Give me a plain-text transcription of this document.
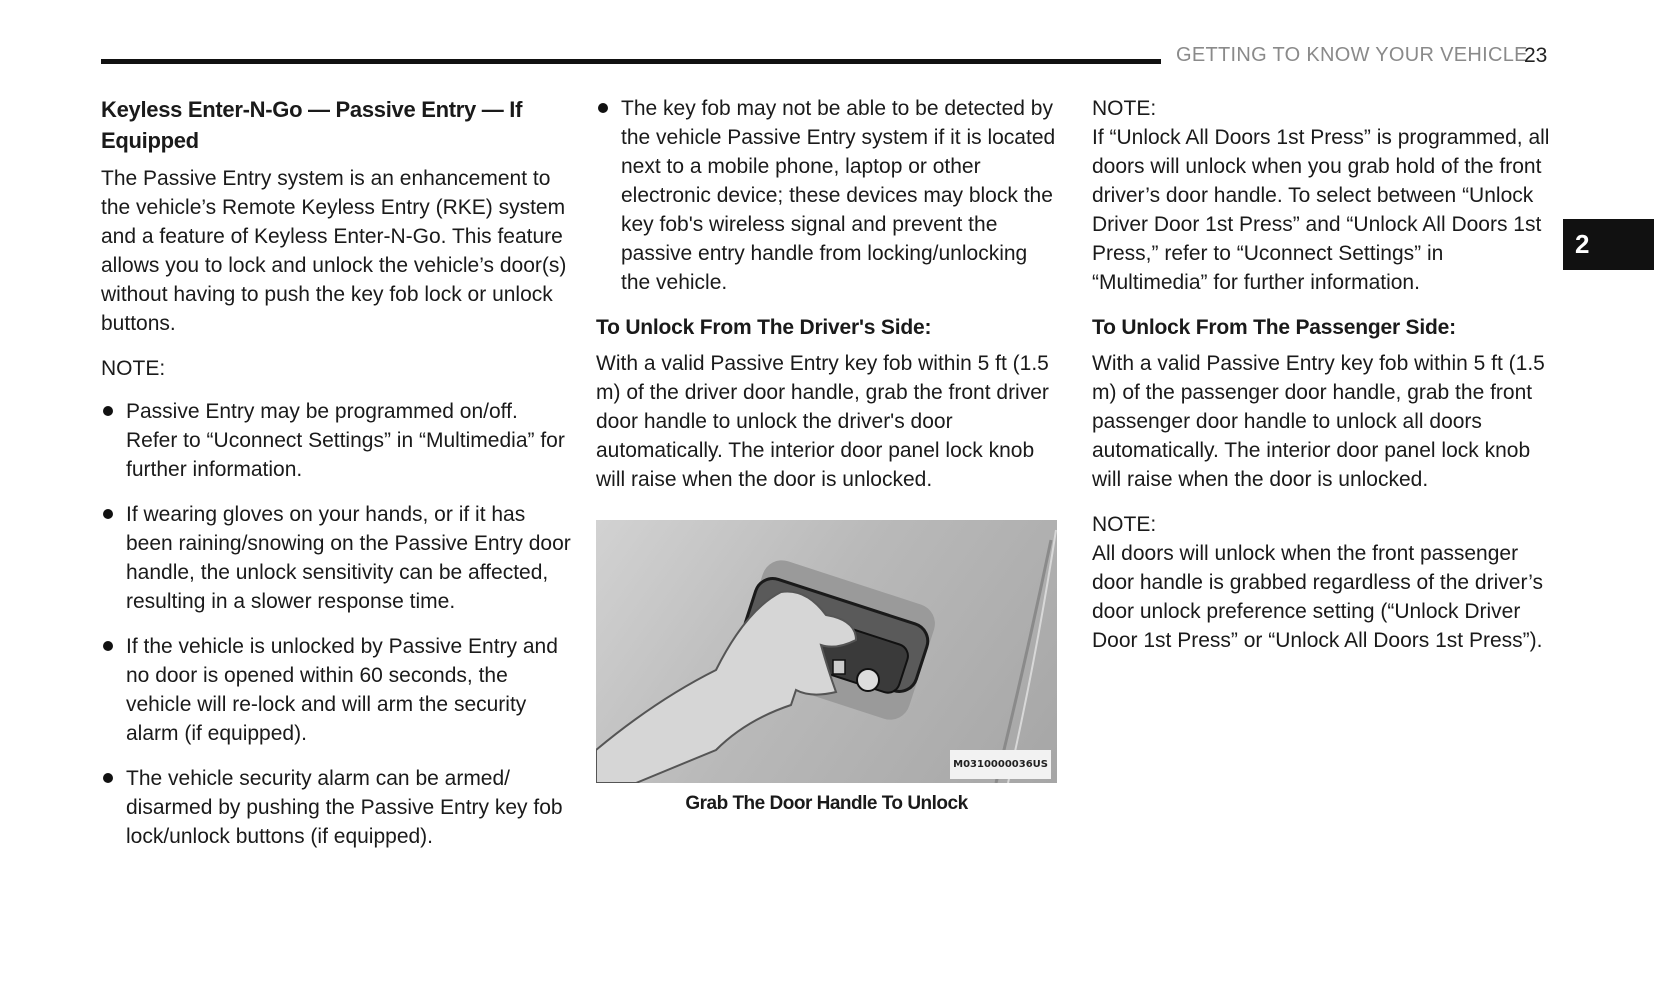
GETTING TO KNOW YOUR VEHICLE
23
2
Keyless Enter-N-Go — Passive Entry — If Equipped

The Passive Entry system is an enhancement to the vehicle’s Remote Keyless Entry (RKE) system and a feature of Keyless Enter-N-Go. This feature allows you to lock and unlock the vehicle’s door(s) without having to push the key fob lock or unlock buttons.

NOTE:

Passive Entry may be programmed on/off. Refer to “Uconnect Settings” in “Multimedia” for further information.
If wearing gloves on your hands, or if it has been raining/snowing on the Passive Entry door handle, the unlock sensitivity can be affected, resulting in a slower response time.
If the vehicle is unlocked by Passive Entry and no door is opened within 60 seconds, the vehicle will re-lock and will arm the security alarm (if equipped).
The vehicle security alarm can be armed/ disarmed by pushing the Passive Entry key fob lock/unlock buttons (if equipped).
The key fob may not be able to be detected by the vehicle Passive Entry system if it is located next to a mobile phone, laptop or other electronic device; these devices may block the key fob's wireless signal and prevent the passive entry handle from locking/unlocking the vehicle.
To Unlock From The Driver's Side:

With a valid Passive Entry key fob within 5 ft (1.5 m) of the driver door handle, grab the front driver door handle to unlock the driver's door automatically. The interior door panel lock knob will raise when the door is unlocked.

M0310000036US
Grab The Door Handle To Unlock

NOTE:

If “Unlock All Doors 1st Press” is programmed, all doors will unlock when you grab hold of the front driver’s door handle. To select between “Unlock Driver Door 1st Press” and “Unlock All Doors 1st Press,” refer to “Uconnect Settings” in “Multimedia” for further information.

To Unlock From The Passenger Side:

With a valid Passive Entry key fob within 5 ft (1.5 m) of the passenger door handle, grab the front passenger door handle to unlock all doors automatically. The interior door panel lock knob will raise when the door is unlocked.

NOTE:

All doors will unlock when the front passenger door handle is grabbed regardless of the driver’s door unlock preference setting (“Unlock Driver Door 1st Press” or “Unlock All Doors 1st Press”).
